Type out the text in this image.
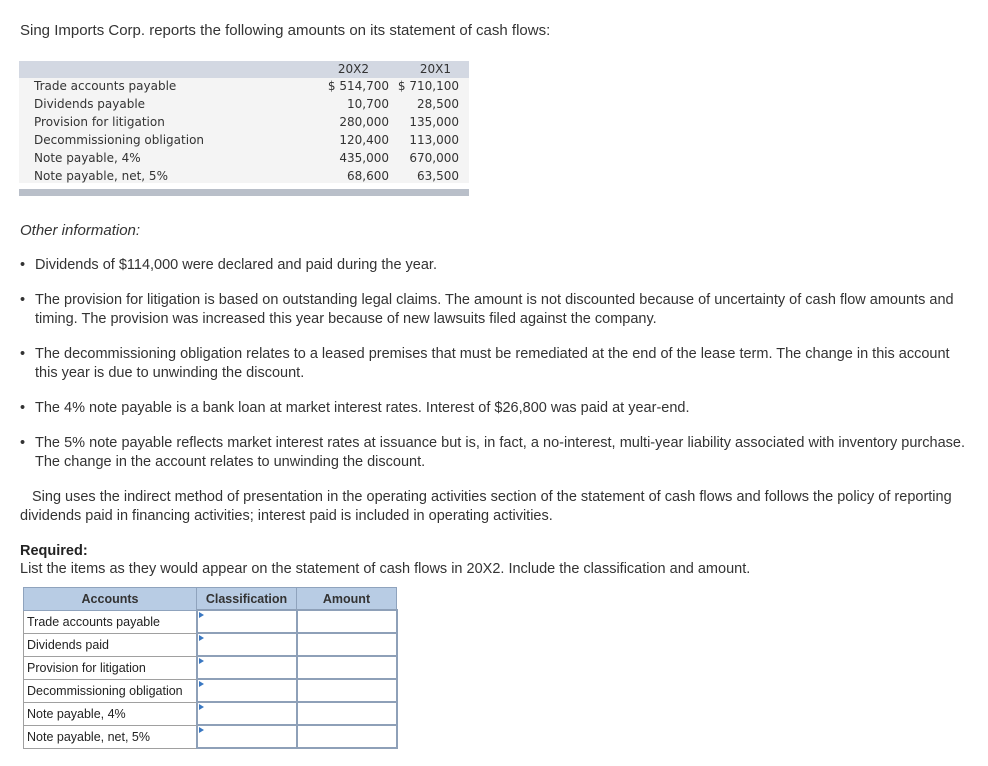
Sing Imports Corp. reports the following amounts on its statement of cash flows:
20X2	20X1
Trade accounts payable	$ 514,700 $ 710,100
Dividends payable	10,700 28,500
Provision for litigation	280,000 135,000
Decommissioning obligation	120,400 113,000
Note payable, 4%	435,000 670,000
Note payable, net, 5%	68,600 63,500
Other information:
• Dividends of $114,000 were declared and paid during the year.
• The provision for litigation is based on outstanding legal claims. The amount is not discounted because of uncertainty of cash flow amounts and timing. The provision was increased this year because of new lawsuits filed against the company.
• The decommissioning obligation relates to a leased premises that must be remediated at the end of the lease term. The change in this account this year is due to unwinding the discount.
• The 4% note payable is a bank loan at market interest rates. Interest of $26,800 was paid at year-end.
• The 5% note payable reflects market interest rates at issuance but is, in fact, a no-interest, multi-year liability associated with inventory purchase. The change in the account relates to unwinding the discount.
Sing uses the indirect method of presentation in the operating activities section of the statement of cash flows and follows the policy of reporting dividends paid in financing activities; interest paid is included in operating activities.
Required:
List the items as they would appear on the statement of cash flows in 20X2. Include the classification and amount.
Accounts	Classification	Amount
Trade accounts payable	

Dividends paid	

Provision for litigation	

Decommissioning obligation	

Note payable, 4%	

Note payable, net, 5%	
